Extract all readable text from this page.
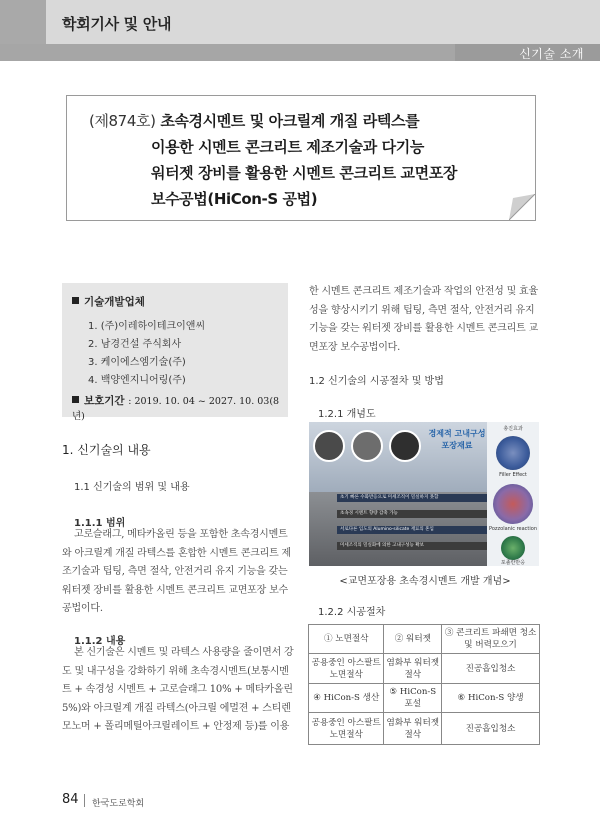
학회기사 및 안내
신기술 소개
(제874호) 초속경시멘트 및 아크릴계 개질 라텍스를
이용한 시멘트 콘크리트 제조기술과 다기능
워터젯 장비를 활용한 시멘트 콘크리트 교면포장
보수공법(HiCon-S 공법)
기술개발업체
1. (주)이레하이테크이앤씨
2. 남경건설 주식회사
3. 케이에스엠기술(주)
4. 백양엔지니어링(주)
보호기간 : 2019. 10. 04 ~ 2027. 10. 03(8년)
1. 신기술의 내용
1.1 신기술의 범위 및 내용
1.1.1 범위
고로슬래그, 메타카올린 등을 포함한 초속경시멘트
와 아크릴계 개질 라텍스를 혼합한 시멘트 콘크리트 제
조기술과 팁팅, 측면 절삭, 안전거리 유지 기능을 갖는
워터젯 장비를 활용한 시멘트 콘크리트 교면포장 보수
공법이다.
1.1.2 내용
본 신기술은 시멘트 및 라텍스 사용량을 줄이면서 강
도 및 내구성을 강화하기 위해 초속경시멘트(보통시멘
트 + 속경성 시멘트 + 고로슬래그 10% + 메타카올린
5%)와 아크릴계 개질 라텍스(아크릴 에멀젼 + 스티렌
모노머 + 폴리메틸아크릴레이트 + 안정제 등)를 이용
한 시멘트 콘크리트 제조기술과 작업의 안전성 및 효율
성을 향상시키기 위해 팁팅, 측면 절삭, 안전거리 유지
기능을 갖는 워터젯 장비를 활용한 시멘트 콘크리트 교
면포장 보수공법이다.
1.2 신기술의 시공절차 및 방법
1.2.1 개념도
경제적 고내구성
포장재료
초기 빠른 수화반응으로 미세조직이 밀실하지 못함
초속경 시멘트 향량 감축 가능
서로다른 입도의 Alumino-silicate 재료의 혼입
미세조직의 밀실화에 의한 고내구성능 확보
총진효과
Filler Effect
Pozzolanic reaction
포졸란반응
<교면포장용 초속경시멘트 개발 개념>
1.2.2 시공절차
① 노면절삭	② 워터젯	③ 콘크리트 파쇄면 청소 및 버력모으기
공용중인 아스팔트 노면절삭	염화부 워터젯 절삭	진공흡입청소
④ HiCon-S 생산	⑤ HiCon-S 포설	⑥ HiCon-S 양생
공용중인 아스팔트 노면절삭	염화부 워터젯 절삭	진공흡입청소
84 한국도로학회
